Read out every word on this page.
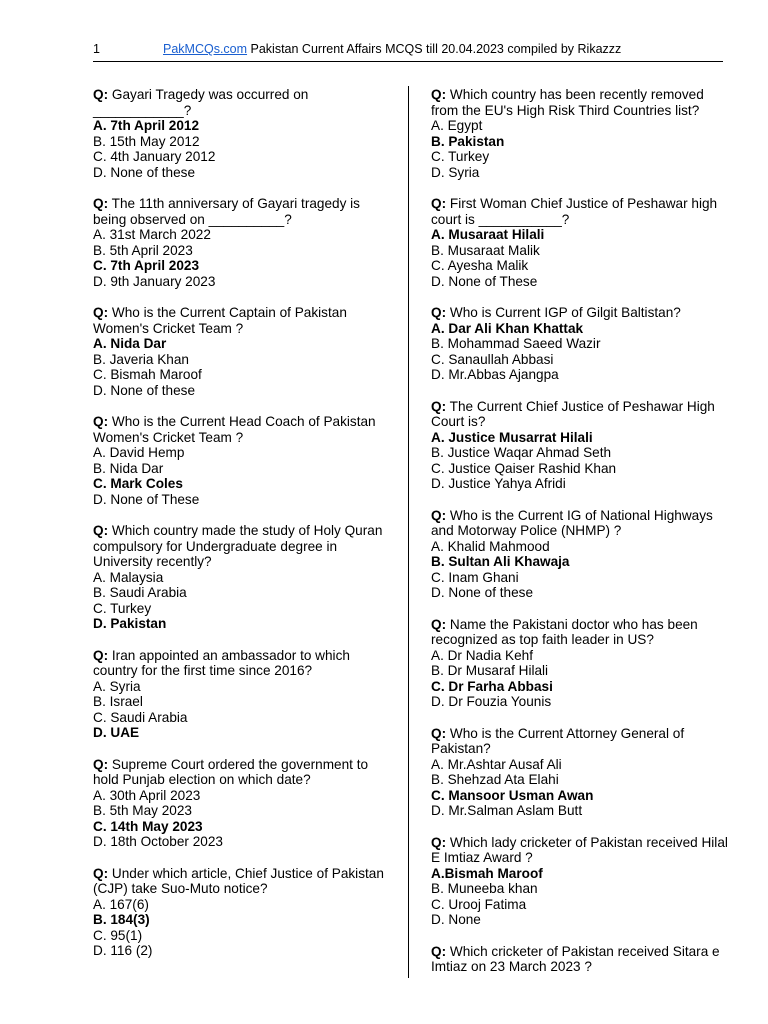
1	PakMCQs.com Pakistan Current Affairs MCQS till 20.04.2023 compiled by Rikazzz
Q: Gayari Tragedy was occurred on ____________?
A. 7th April 2012
B. 15th May 2012
C. 4th January 2012
D. None of these
Q: The 11th anniversary of Gayari tragedy is being observed on __________?
A. 31st March 2022
B. 5th April 2023
C. 7th April 2023
D. 9th January 2023
Q: Who is the Current Captain of Pakistan Women's Cricket Team ?
A. Nida Dar
B. Javeria Khan
C. Bismah Maroof
D. None of these
Q: Who is the Current Head Coach of Pakistan Women's Cricket Team ?
A. David Hemp
B. Nida Dar
C. Mark Coles
D. None of These
Q: Which country made the study of Holy Quran compulsory for Undergraduate degree in University recently?
A. Malaysia
B. Saudi Arabia
C. Turkey
D. Pakistan
Q: Iran appointed an ambassador to which country for the first time since 2016?
A. Syria
B. Israel
C. Saudi Arabia
D. UAE
Q: Supreme Court ordered the government to hold Punjab election on which date?
A. 30th April 2023
B. 5th May 2023
C. 14th May 2023
D. 18th October 2023
Q: Under which article, Chief Justice of Pakistan (CJP) take Suo-Muto notice?
A. 167(6)
B. 184(3)
C. 95(1)
D. 116 (2)
Q: Which country has been recently removed from the EU's High Risk Third Countries list?
A. Egypt
B. Pakistan
C. Turkey
D. Syria
Q: First Woman Chief Justice of Peshawar high court is ___________?
A. Musaraat Hilali
B. Musaraat Malik
C. Ayesha Malik
D. None of These
Q: Who is Current IGP of Gilgit Baltistan?
A. Dar Ali Khan Khattak
B. Mohammad Saeed Wazir
C. Sanaullah Abbasi
D. Mr.Abbas Ajangpa
Q: The Current Chief Justice of Peshawar High Court is?
A. Justice Musarrat Hilali
B. Justice Waqar Ahmad Seth
C. Justice Qaiser Rashid Khan
D. Justice Yahya Afridi
Q: Who is the Current IG of National Highways and Motorway Police (NHMP) ?
A. Khalid Mahmood
B. Sultan Ali Khawaja
C. Inam Ghani
D. None of these
Q: Name the Pakistani doctor who has been recognized as top faith leader in US?
A. Dr Nadia Kehf
B. Dr Musaraf Hilali
C. Dr Farha Abbasi
D. Dr Fouzia Younis
Q: Who is the Current Attorney General of Pakistan?
A. Mr.Ashtar Ausaf Ali
B. Shehzad Ata Elahi
C. Mansoor Usman Awan
D. Mr.Salman Aslam Butt
Q: Which lady cricketer of Pakistan received Hilal E Imtiaz Award ?
A.Bismah Maroof
B. Muneeba khan
C. Urooj Fatima
D. None
Q: Which cricketer of Pakistan received Sitara e Imtiaz on 23 March 2023 ?
